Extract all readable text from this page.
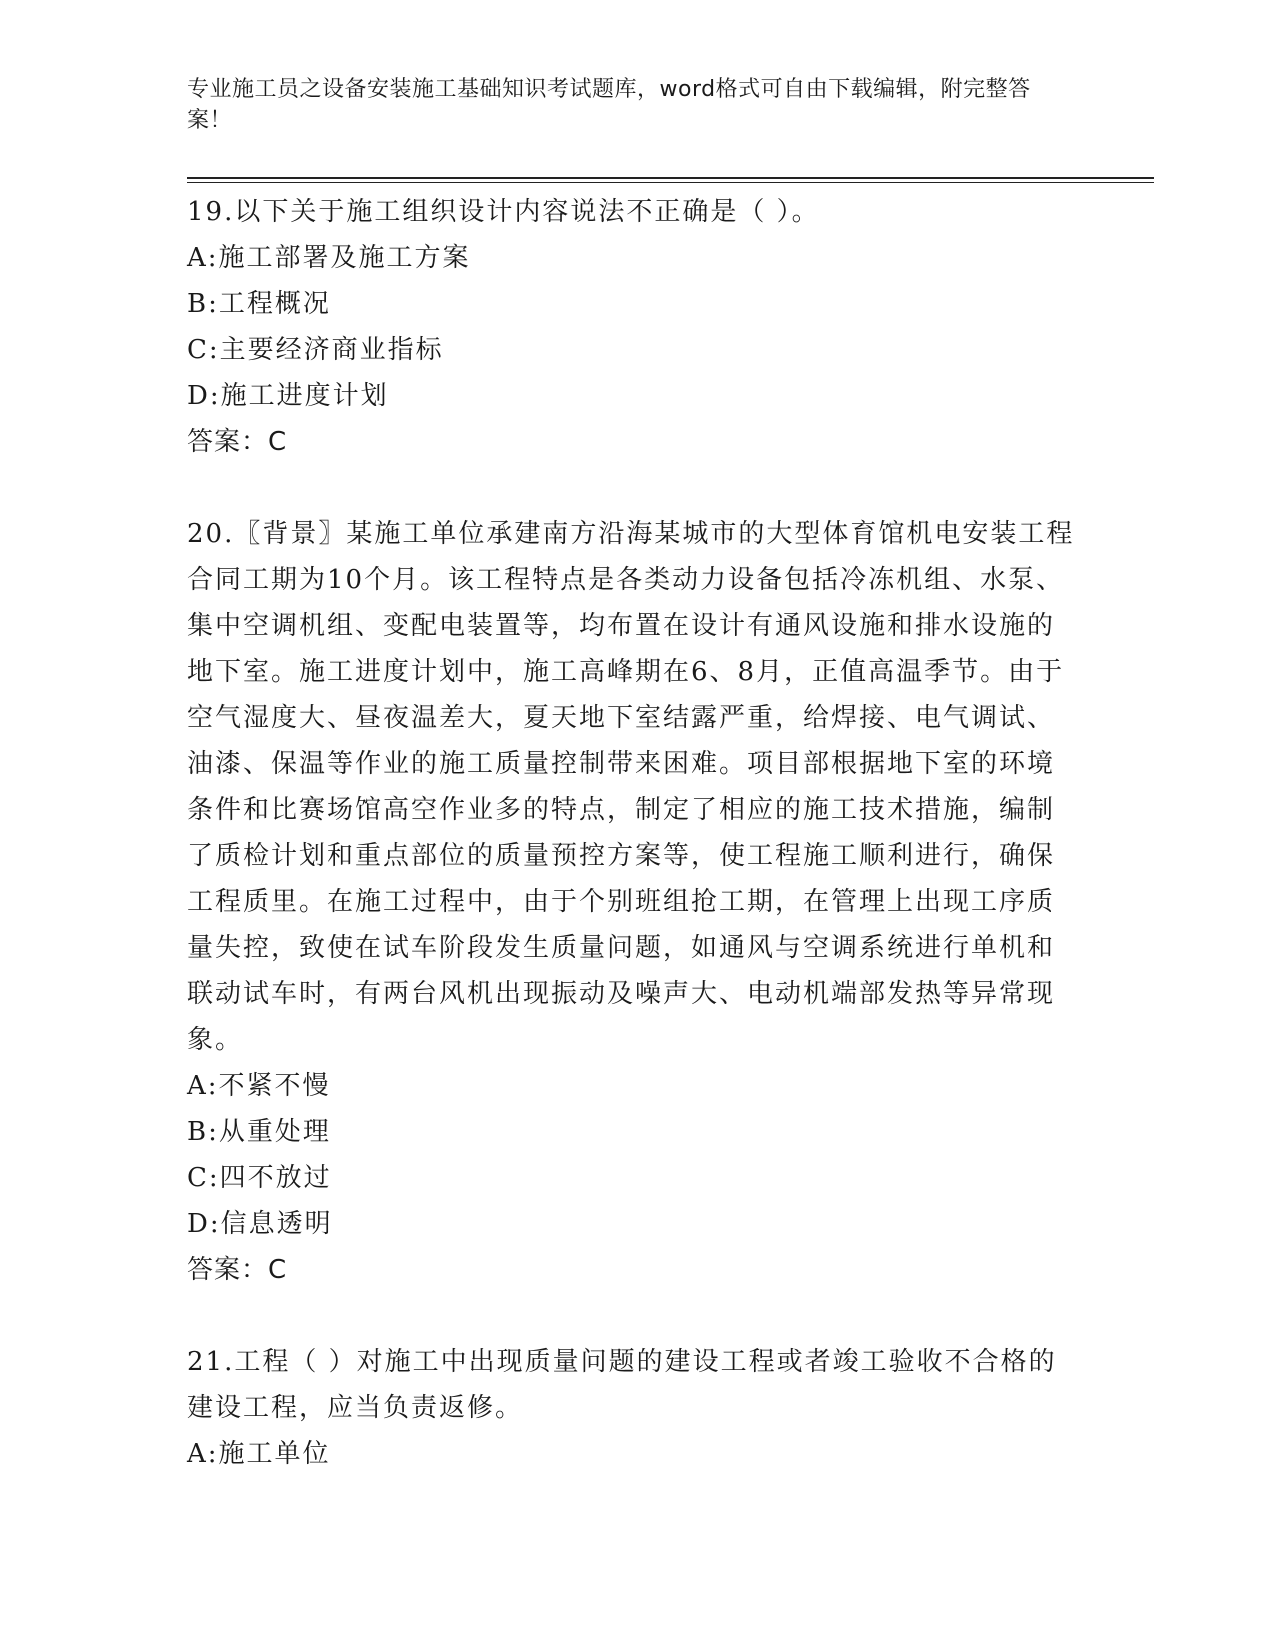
专业施工员之设备安装施工基础知识考试题库，word格式可自由下载编辑，附完整答案！

19.以下关于施工组织设计内容说法不正确是（ ）。

A:施工部署及施工方案

B:工程概况

C:主要经济商业指标

D:施工进度计划

答案：C

20.〖背景〗某施工单位承建南方沿海某城市的大型体育馆机电安装工程合同工期为10个月。该工程特点是各类动力设备包括冷冻机组、水泵、集中空调机组、变配电装置等，均布置在设计有通风设施和排水设施的地下室。施工进度计划中，施工高峰期在6、8月，正值高温季节。由于空气湿度大、昼夜温差大，夏天地下室结露严重，给焊接、电气调试、油漆、保温等作业的施工质量控制带来困难。项目部根据地下室的环境条件和比赛场馆高空作业多的特点，制定了相应的施工技术措施，编制了质检计划和重点部位的质量预控方案等，使工程施工顺利进行，确保工程质里。在施工过程中，由于个别班组抢工期，在管理上出现工序质量失控，致使在试车阶段发生质量问题，如通风与空调系统进行单机和联动试车时，有两台风机出现振动及噪声大、电动机端部发热等异常现象。

A:不紧不慢

B:从重处理

C:四不放过

D:信息透明

答案：C

21.工程（ ）对施工中出现质量问题的建设工程或者竣工验收不合格的建设工程，应当负责返修。

A:施工单位
